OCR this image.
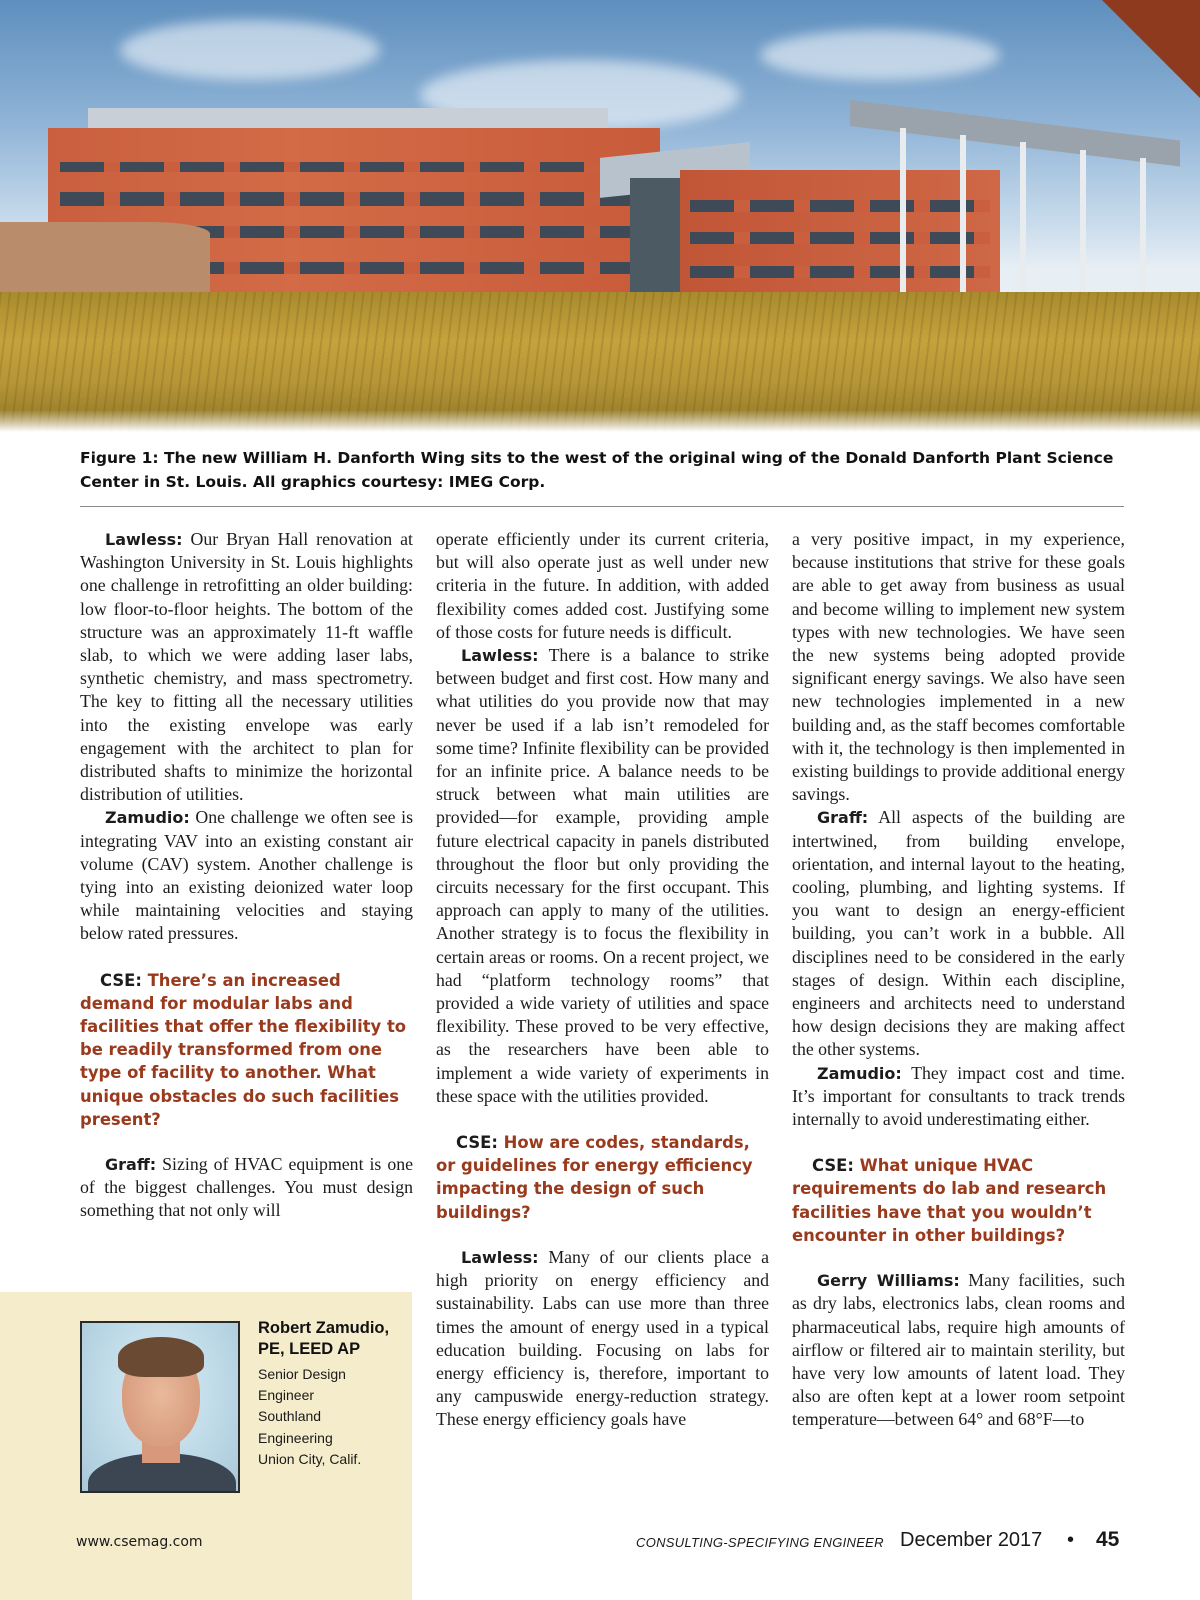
Figure 1: The new William H. Danforth Wing sits to the west of the original wing of the Donald Danforth Plant Science Center in St. Louis. All graphics courtesy: IMEG Corp.

Lawless: Our Bryan Hall renovation at Washington University in St. Louis highlights one challenge in retrofitting an older building: low floor-to-floor heights. The bottom of the structure was an approximately 11-ft waffle slab, to which we were adding laser labs, synthetic chemistry, and mass spectrometry. The key to fitting all the necessary utilities into the existing envelope was early engagement with the architect to plan for distributed shafts to minimize the horizontal distribution of utilities.

Zamudio: One challenge we often see is integrating VAV into an existing constant air volume (CAV) system. Another challenge is tying into an existing deionized water loop while maintaining velocities and staying below rated pressures.

CSE: There’s an increased demand for modular labs and facilities that offer the flexibility to be readily transformed from one type of facility to another. What unique obstacles do such facilities present?

Graff: Sizing of HVAC equipment is one of the biggest challenges. You must design something that not only will

operate efficiently under its current criteria, but will also operate just as well under new criteria in the future. In addition, with added flexibility comes added cost. Justifying some of those costs for future needs is difficult.

Lawless: There is a balance to strike between budget and first cost. How many and what utilities do you provide now that may never be used if a lab isn’t remodeled for some time? Infinite flexibility can be provided for an infinite price. A balance needs to be struck between what main utilities are provided—for example, providing ample future electrical capacity in panels distributed throughout the floor but only providing the circuits necessary for the first occupant. This approach can apply to many of the utilities. Another strategy is to focus the flexibility in certain areas or rooms. On a recent project, we had “platform technology rooms” that provided a wide variety of utilities and space flexibility. These proved to be very effective, as the researchers have been able to implement a wide variety of experiments in these space with the utilities provided.

CSE: How are codes, standards, or guidelines for energy efficiency impacting the design of such buildings?

Lawless: Many of our clients place a high priority on energy efficiency and sustainability. Labs can use more than three times the amount of energy used in a typical education building. Focusing on labs for energy efficiency is, therefore, important to any campuswide energy-reduction strategy. These energy efficiency goals have

a very positive impact, in my experience, because institutions that strive for these goals are able to get away from business as usual and become willing to implement new system types with new technologies. We have seen the new systems being adopted provide significant energy savings. We also have seen new technologies implemented in a new building and, as the staff becomes comfortable with it, the technology is then implemented in existing buildings to provide additional energy savings.

Graff: All aspects of the building are intertwined, from building envelope, orientation, and internal layout to the heating, cooling, plumbing, and lighting systems. If you want to design an energy-efficient building, you can’t work in a bubble. All disciplines need to be considered in the early stages of design. Within each discipline, engineers and architects need to understand how design decisions they are making affect the other systems.

Zamudio: They impact cost and time. It’s important for consultants to track trends internally to avoid underestimating either.

CSE: What unique HVAC requirements do lab and research facilities have that you wouldn’t encounter in other buildings?

Gerry Williams: Many facilities, such as dry labs, electronics labs, clean rooms and pharmaceutical labs, require high amounts of airflow or filtered air to maintain sterility, but have very low amounts of latent load. They also are often kept at a lower room setpoint temperature—between 64° and 68°F—to

Robert Zamudio,
PE, LEED AP
Senior Design
Engineer
Southland
Engineering
Union City, Calif.
www.csemag.com	CONSULTING-SPECIFYING ENGINEER December 2017 • 45
